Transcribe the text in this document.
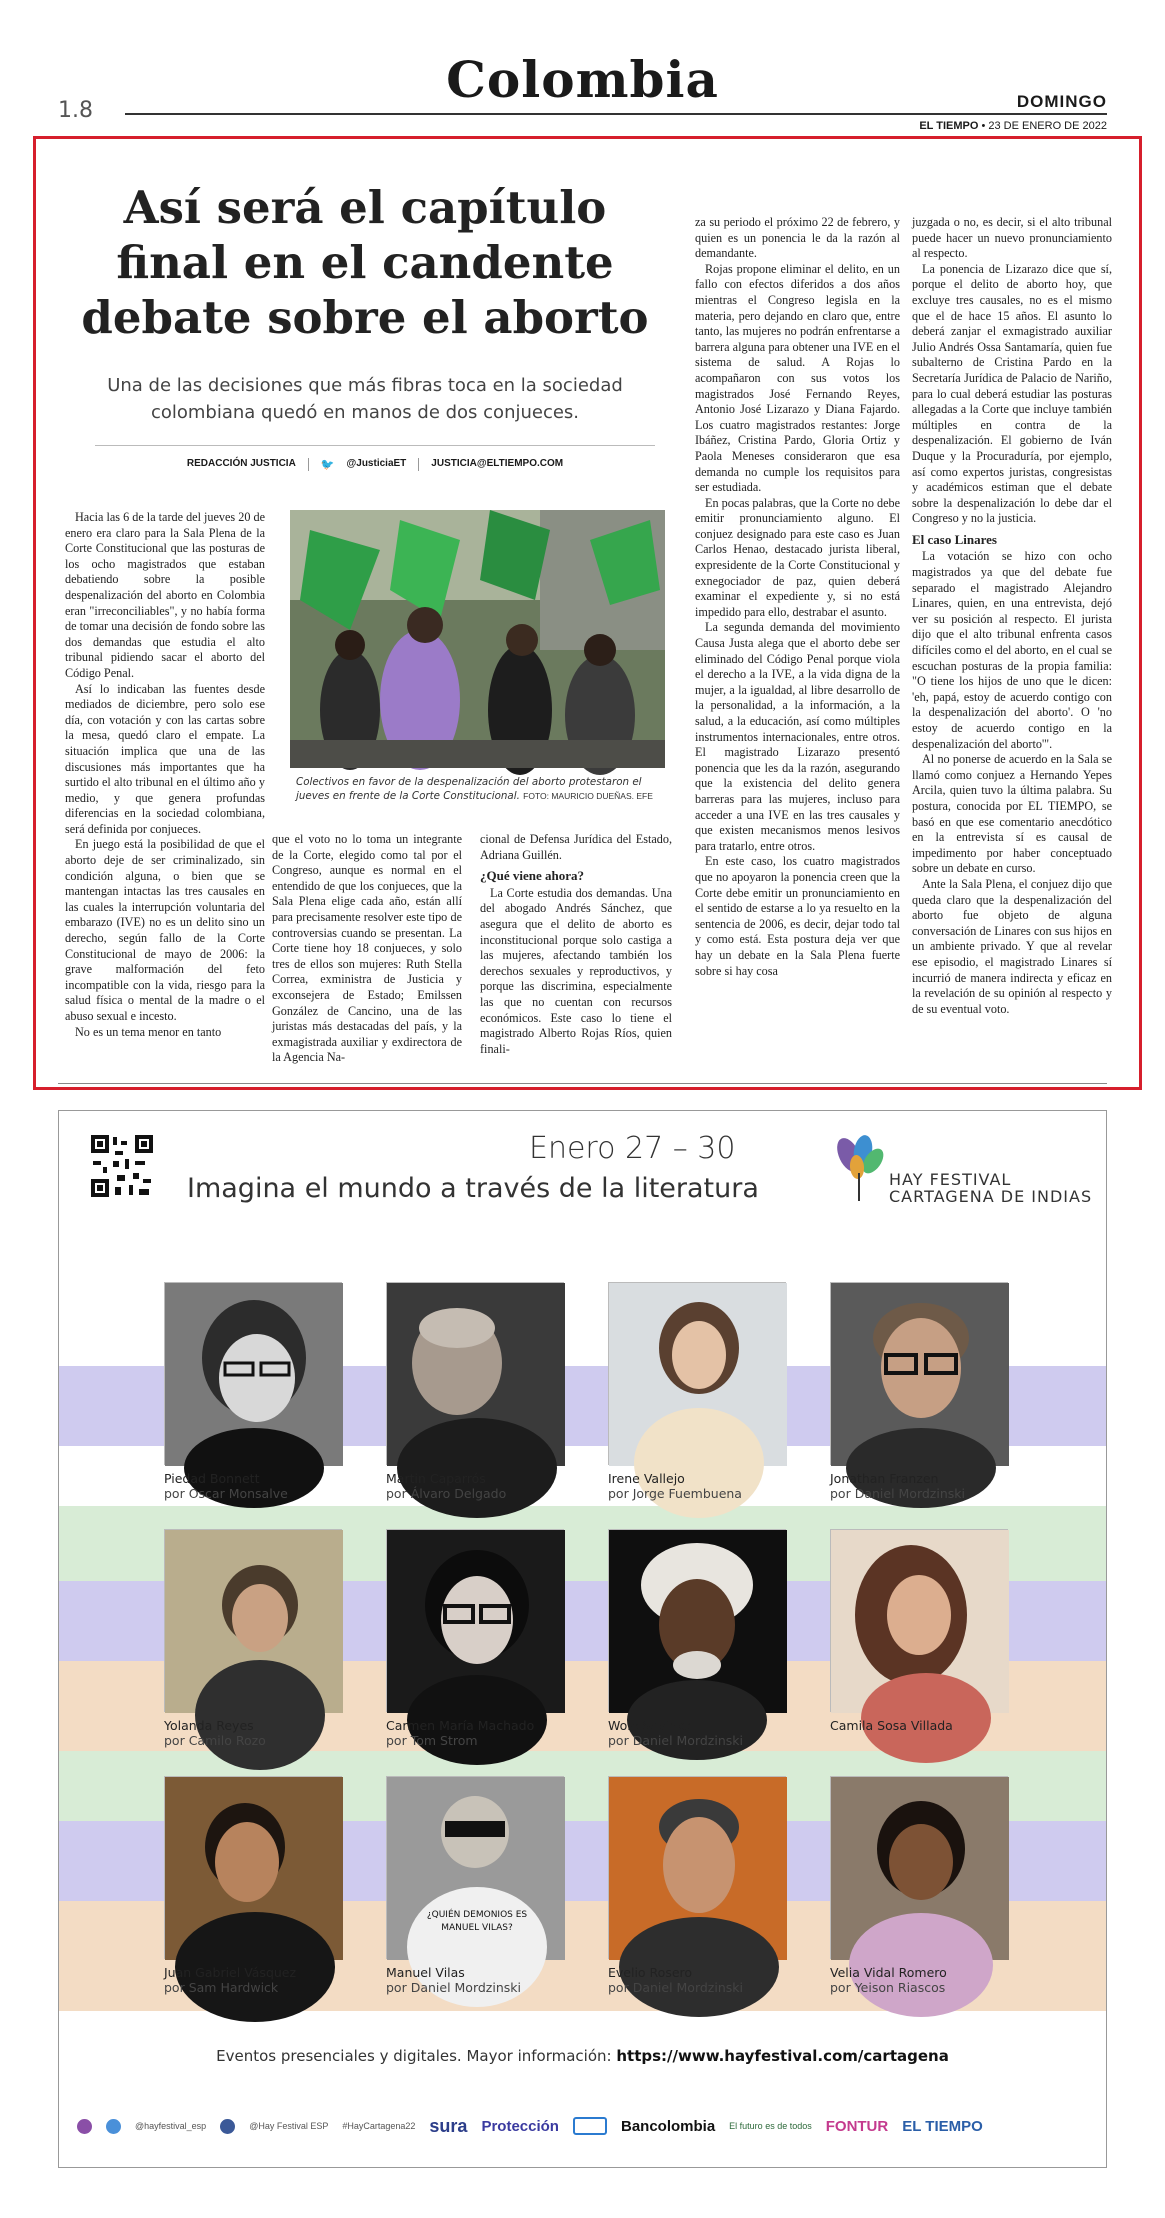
Colombia
1.8	DOMINGO
EL TIEMPO • 23 DE ENERO DE 2022
Así será el capítulo final en el candente debate sobre el aborto
Una de las decisiones que más fibras toca en la sociedad colombiana quedó en manos de dos conjueces.
REDACCIÓN JUSTICIA 🐦 @JusticiaET	JUSTICIA@ELTIEMPO.COM

Hacia las 6 de la tarde del jueves 20 de enero era claro para la Sala Plena de la Corte Constitucional que las posturas de los ocho magistrados que estaban debatiendo sobre la posible despenalización del aborto en Colombia eran "irreconciliables", y no había forma de tomar una decisión de fondo sobre las dos demandas que estudia el alto tribunal pidiendo sacar el aborto del Código Penal.

Así lo indicaban las fuentes desde mediados de diciembre, pero solo ese día, con votación y con las cartas sobre la mesa, quedó claro el empate. La situación implica que una de las discusiones más importantes que ha surtido el alto tribunal en el último año y medio, y que genera profundas diferencias en la sociedad colombiana, será definida por conjueces.

En juego está la posibilidad de que el aborto deje de ser criminalizado, sin condición alguna, o bien que se mantengan intactas las tres causales en las cuales la interrupción voluntaria del embarazo (IVE) no es un delito sino un derecho, según fallo de la Corte Constitucional de mayo de 2006: la grave malformación del feto incompatible con la vida, riesgo para la salud física o mental de la madre o el abuso sexual e incesto.

No es un tema menor en tanto

Colectivos en favor de la despenalización del aborto protestaron el jueves en frente de la Corte Constitucional. FOTO: MAURICIO DUEÑAS. EFE

que el voto no lo toma un integrante de la Corte, elegido como tal por el Congreso, aunque es normal en el entendido de que los conjueces, que la Sala Plena elige cada año, están allí para precisamente resolver este tipo de controversias cuando se presentan. La Corte tiene hoy 18 conjueces, y solo tres de ellos son mujeres: Ruth Stella Correa, exministra de Justicia y exconsejera de Estado; Emilssen González de Cancino, una de las juristas más destacadas del país, y la exmagistrada auxiliar y exdirectora de la Agencia Na-

cional de Defensa Jurídica del Estado, Adriana Guillén.

¿Qué viene ahora?

La Corte estudia dos demandas. Una del abogado Andrés Sánchez, que asegura que el delito de aborto es inconstitucional porque solo castiga a las mujeres, afectando también los derechos sexuales y reproductivos, y porque las discrimina, especialmente las que no cuentan con recursos económicos. Este caso lo tiene el magistrado Alberto Rojas Ríos, quien finali-

za su periodo el próximo 22 de febrero, y quien es un ponencia le da la razón al demandante.

Rojas propone eliminar el delito, en un fallo con efectos diferidos a dos años mientras el Congreso legisla en la materia, pero dejando en claro que, entre tanto, las mujeres no podrán enfrentarse a barrera alguna para obtener una IVE en el sistema de salud. A Rojas lo acompañaron con sus votos los magistrados José Fernando Reyes, Antonio José Lizarazo y Diana Fajardo. Los cuatro magistrados restantes: Jorge Ibáñez, Cristina Pardo, Gloria Ortiz y Paola Meneses consideraron que esa demanda no cumple los requisitos para ser estudiada.

En pocas palabras, que la Corte no debe emitir pronunciamiento alguno. El conjuez designado para este caso es Juan Carlos Henao, destacado jurista liberal, expresidente de la Corte Constitucional y exnegociador de paz, quien deberá examinar el expediente y, si no está impedido para ello, destrabar el asunto.

La segunda demanda del movimiento Causa Justa alega que el aborto debe ser eliminado del Código Penal porque viola el derecho a la IVE, a la vida digna de la mujer, a la igualdad, al libre desarrollo de la personalidad, a la información, a la salud, a la educación, así como múltiples instrumentos internacionales, entre otros. El magistrado Lizarazo presentó ponencia que les da la razón, asegurando que la existencia del delito genera barreras para las mujeres, incluso para acceder a una IVE en las tres causales y que existen mecanismos menos lesivos para tratarlo, entre otros.

En este caso, los cuatro magistrados que no apoyaron la ponencia creen que la Corte debe emitir un pronunciamiento en el sentido de estarse a lo ya resuelto en la sentencia de 2006, es decir, dejar todo tal y como está. Esta postura deja ver que hay un debate en la Sala Plena fuerte sobre si hay cosa

juzgada o no, es decir, si el alto tribunal puede hacer un nuevo pronunciamiento al respecto.

La ponencia de Lizarazo dice que sí, porque el delito de aborto hoy, que excluye tres causales, no es el mismo que el de hace 15 años. El asunto lo deberá zanjar el exmagistrado auxiliar Julio Andrés Ossa Santamaría, quien fue subalterno de Cristina Pardo en la Secretaría Jurídica de Palacio de Nariño, para lo cual deberá estudiar las posturas allegadas a la Corte que incluye también múltiples en contra de la despenalización. El gobierno de Iván Duque y la Procuraduría, por ejemplo, así como expertos juristas, congresistas y académicos estiman que el debate sobre la despenalización lo debe dar el Congreso y no la justicia.

El caso Linares

La votación se hizo con ocho magistrados ya que del debate fue separado el magistrado Alejandro Linares, quien, en una entrevista, dejó ver su posición al respecto. El jurista dijo que el alto tribunal enfrenta casos difíciles como el del aborto, en el cual se escuchan posturas de la propia familia: "O tiene los hijos de uno que le dicen: 'eh, papá, estoy de acuerdo contigo con la despenalización del aborto'. O 'no estoy de acuerdo contigo en la despenalización del aborto'".

Al no ponerse de acuerdo en la Sala se llamó como conjuez a Hernando Yepes Arcila, quien tuvo la última palabra. Su postura, conocida por EL TIEMPO, se basó en que ese comentario anecdótico en la entrevista sí es causal de impedimento por haber conceptuado sobre un debate en curso.

Ante la Sala Plena, el conjuez dijo que queda claro que la despenalización del aborto fue objeto de alguna conversación de Linares con sus hijos en un ambiente privado. Y que al revelar ese episodio, el magistrado Linares sí incurrió de manera indirecta y eficaz en la revelación de su opinión al respecto y de su eventual voto.

Enero 27 – 30
Imagina el mundo a través de la literatura	HAY FESTIVAL
CARTAGENA DE INDIAS
Piedad Bonnett
por Oscar Monsalve
Martin Caparrós
por Álvaro Delgado
Irene Vallejo
por Jorge Fuembuena
Jonathan Franzen
por Daniel Mordzinski
Yolanda Reyes
por Camilo Rozo
Carmen María Machado
por Tom Strom
Wole Soyinka
por Daniel Mordzinski
Camila Sosa Villada
Juan Gabriel Vásquez
por Sam Hardwick
¿QUIÉN DEMONIOS ES
MANUEL VILAS?
Manuel Vilas
por Daniel Mordzinski
Evelio Rosero
por Daniel Mordzinski
Velia Vidal Romero
por Yeison Riascos
Eventos presenciales y digitales. Mayor información: https://www.hayfestival.com/cartagena
@hayfestival_esp	@Hay Festival ESP #HayCartagena22 sura Protección	Bancolombia El futuro es de todos FONTUR EL TIEMPO
